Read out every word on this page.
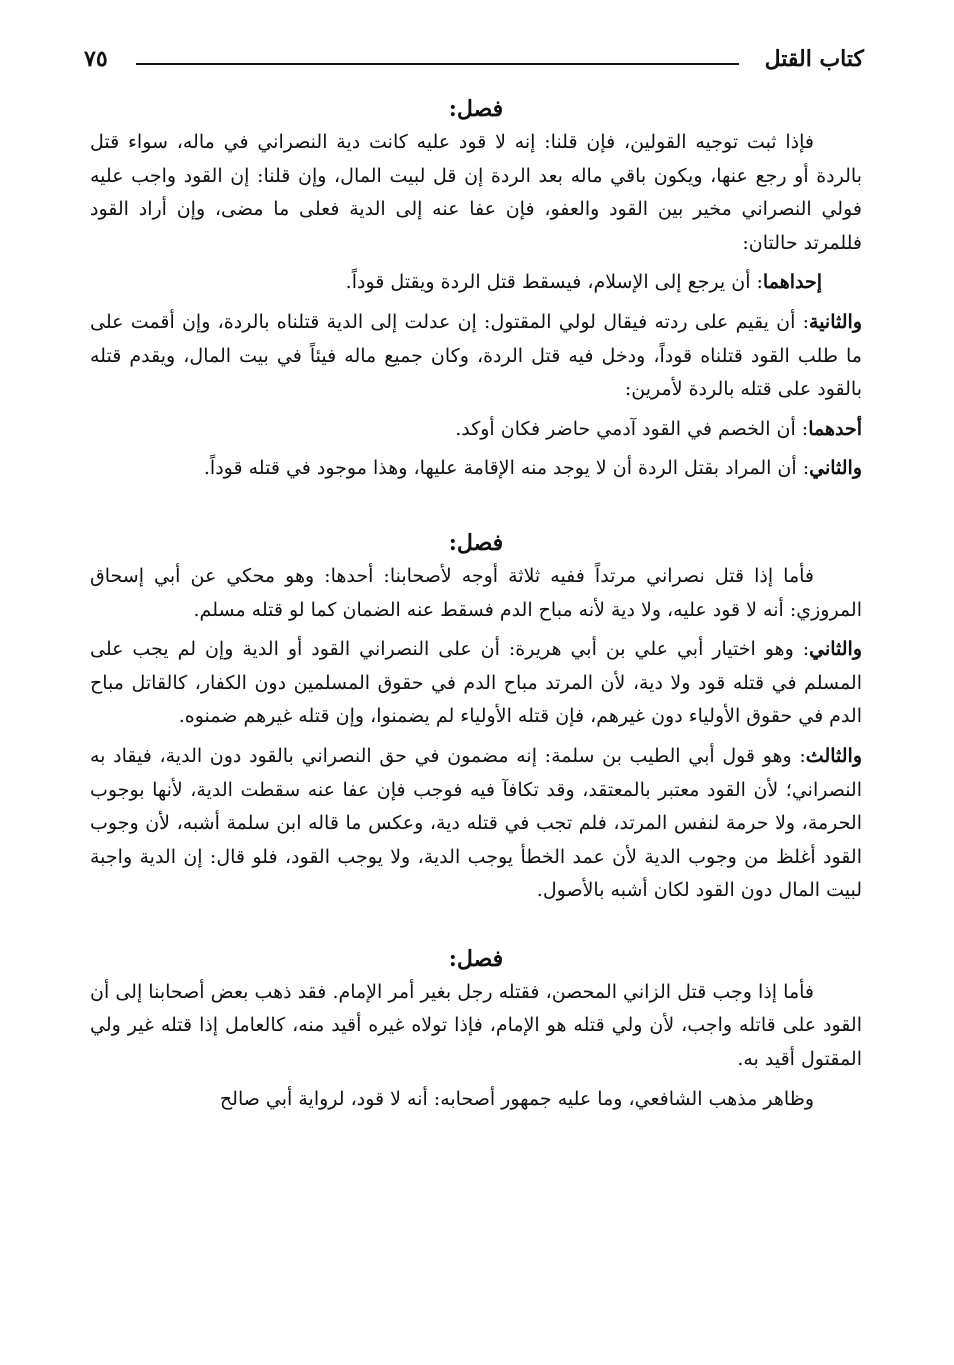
كتاب القتل
٧٥
فصل:

فإذا ثبت توجيه القولين، فإن قلنا: إنه لا قود عليه كانت دية النصراني في ماله، سواء قتل بالردة أو رجع عنها، ويكون باقي ماله بعد الردة إن قل لبيت المال، وإن قلنا: إن القود واجب عليه فولي النصراني مخير بين القود والعفو، فإن عفا عنه إلى الدية فعلى ما مضى، وإن أراد القود فللمرتد حالتان:

إحداهما: أن يرجع إلى الإسلام، فيسقط قتل الردة ويقتل قوداً.

والثانية: أن يقيم على ردته فيقال لولي المقتول: إن عدلت إلى الدية قتلناه بالردة، وإن أقمت على ما طلب القود قتلناه قوداً، ودخل فيه قتل الردة، وكان جميع ماله فيئاً في بيت المال، ويقدم قتله بالقود على قتله بالردة لأمرين:

أحدهما: أن الخصم في القود آدمي حاضر فكان أوكد.

والثاني: أن المراد بقتل الردة أن لا يوجد منه الإقامة عليها، وهذا موجود في قتله قوداً.

فصل:

فأما إذا قتل نصراني مرتداً ففيه ثلاثة أوجه لأصحابنا: أحدها: وهو محكي عن أبي إسحاق المروزي: أنه لا قود عليه، ولا دية لأنه مباح الدم فسقط عنه الضمان كما لو قتله مسلم.

والثاني: وهو اختيار أبي علي بن أبي هريرة: أن على النصراني القود أو الدية وإن لم يجب على المسلم في قتله قود ولا دية، لأن المرتد مباح الدم في حقوق المسلمين دون الكفار، كالقاتل مباح الدم في حقوق الأولياء دون غيرهم، فإن قتله الأولياء لم يضمنوا، وإن قتله غيرهم ضمنوه.

والثالث: وهو قول أبي الطيب بن سلمة: إنه مضمون في حق النصراني بالقود دون الدية، فيقاد به النصراني؛ لأن القود معتبر بالمعتقد، وقد تكافآ فيه فوجب فإن عفا عنه سقطت الدية، لأنها بوجوب الحرمة، ولا حرمة لنفس المرتد، فلم تجب في قتله دية، وعكس ما قاله ابن سلمة أشبه، لأن وجوب القود أغلظ من وجوب الدية لأن عمد الخطأ يوجب الدية، ولا يوجب القود، فلو قال: إن الدية واجبة لبيت المال دون القود لكان أشبه بالأصول.

فصل:

فأما إذا وجب قتل الزاني المحصن، فقتله رجل بغير أمر الإمام. فقد ذهب بعض أصحابنا إلى أن القود على قاتله واجب، لأن ولي قتله هو الإمام، فإذا تولاه غيره أقيد منه، كالعامل إذا قتله غير ولي المقتول أقيد به.

وظاهر مذهب الشافعي، وما عليه جمهور أصحابه: أنه لا قود، لرواية أبي صالح
